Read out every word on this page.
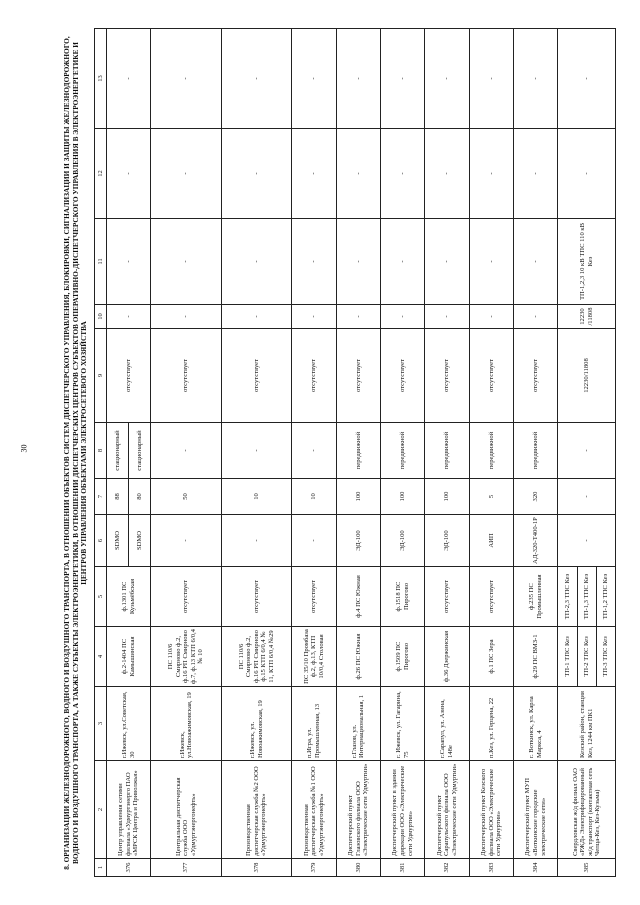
30	8. ОРГАНИЗАЦИИ ЖЕЛЕЗНОДОРОЖНОГО, ВОДНОГО И ВОЗДУШНОГО ТРАНСПОРТА, В ОТНОШЕНИИ ОБЪЕКТОВ СИСТЕМ ДИСПЕТЧЕРСКОГО УПРАВЛЕНИЯ, БЛОКИРОВКИ, СИГНАЛИЗАЦИИ И ЗАЩИТЫ ЖЕЛЕЗНОДОРОЖНОГО, ВОДНОГО И ВОЗДУШНОГО ТРАНСПОРТА, А ТАКЖЕ СУБЪЕКТЫ ЭЛЕКТРОЭНЕРГЕТИКИ, В ОТНОШЕНИИ ДИСПЕТЧЕРСКИХ ЦЕНТРОВ СУБЪЕКТОВ ОПЕРАТИВНО-ДИСПЕТЧЕРСКОГО УПРАВЛЕНИЯ В ЭЛЕКТРОЭНЕРГЕТИКЕ И ЦЕНТРОВ УПРАВЛЕНИЯ ОБЪЕКТАМИ ЭЛЕКТРОСЕТЕВОГО ХОЗЯЙСТВА
1	2	3	4	5	6	7	8	9	10	11	12	13
376	Центр управления сетями филиала «Удмуртэнерго ПАО «МРСК Центра и Приволжья»	г.Ижевск, ул.Советская, 30	ф.2-1404 ПС Камышинская	ф.1301 ПС Кузьмёбская	SDMO	88	стационарный	отсутствует	-	-	-	-
					SDMO	80	стационарный					
377	Центральная диспетчерская служба ООО «Удмуртэнергонефть»	г.Ижевск, ул.Новоажимовская, 19	ПС 110/6 Смирново ф.2, ф.16 РП Смирново ф.7, ф.13 КТП 6/0,4 № 10	отсутствует	-	50	-	отсутствует	-	-	-	-
378	Производственная диспетчерская служба №2 ООО «Удмуртэнергонефть»	г.Ижевск, ул. Новоажимовская, 19	ПС 110/6 Смирново ф.2, ф.16 РП Смирново ф.15 КТП 6/0,4 № 11, КТП 6/0,4 №29	отсутствует	-	10	-	отсутствует	-	-	-	-
379	Производственная диспетчерская служба №1 ООО «Удмуртэнергонефть»	п.Игра, ул. Промышленная, 13	ПС 35/10 Промбаза ф.2, ф.13, КТП 10/0,4 Столовая	отсутствует	-	10	-	отсутствует	-	-	-	-
380	Диспетчерский пункт Глазовского филиала ООО «Электрические сети Удмуртии»	г.Глазов, ул. Интернациональная, 1	ф.26 ПС Южная	ф.4 ПС Южная	ЭД-100	100	передвижной	отсутствует	-	-	-	-
381	Диспетчерский пункт в здании дирекции ООО «Электрические сети Удмуртии»	г. Ижевск, ул. Гагарина, 75	ф.1509 ПС Пирогово	ф.1518 ПС Пирогово	ЭД-100	100	передвижной	отсутствует	-	-	-	-
382	Диспетчерский пункт Сарапульского филиала ООО «Электрические сети Удмуртии»	г.Сарапул, ул. Азина, 148е	ф.36 Дзержинская	отсутствует	ЭД-100	100	передвижной	отсутствует	-	-	-	-
383	Диспетчерский пункт Кезского филиала ООО «Электрические сети Удмуртии»	п.Кез, ул. Герцена, 22	ф.1 ПС Зера	отсутствует	АИП	5	передвижной	отсутствует	-	-	-	-
384	Диспетчерский пункт МУП «Воткинские городские электрические сети»	г. Воткинск, ул. Карла Маркса, 4	ф.29 ПС ВМЗ-1	ф.235 ПС Промышленная	АД-320-Т400-1Р	320	передвижной	отсутствует	-	-	-	-
385	Свердловская ж/д филиал ОАО «РЖД» Электрифицированный ж/д транспорт (контактная сеть Чепца-Кез, Кез-Кузьма)	Кезский район, станция Кез, 1244 км ПК1	ТП-1 ТПС Кез	ТП-2,3 ТПС Кез	-	-	-	12230/11808	12230 /11808	ТП-1,2,3 10 кВ ТПС 110 кВ Кез	-	-
			ТП-2 ТПС Кез	ТП-1,3 ТПС Кез								
			ТП-3 ТПС Кез	ТП-1,2 ТПС Кез								
